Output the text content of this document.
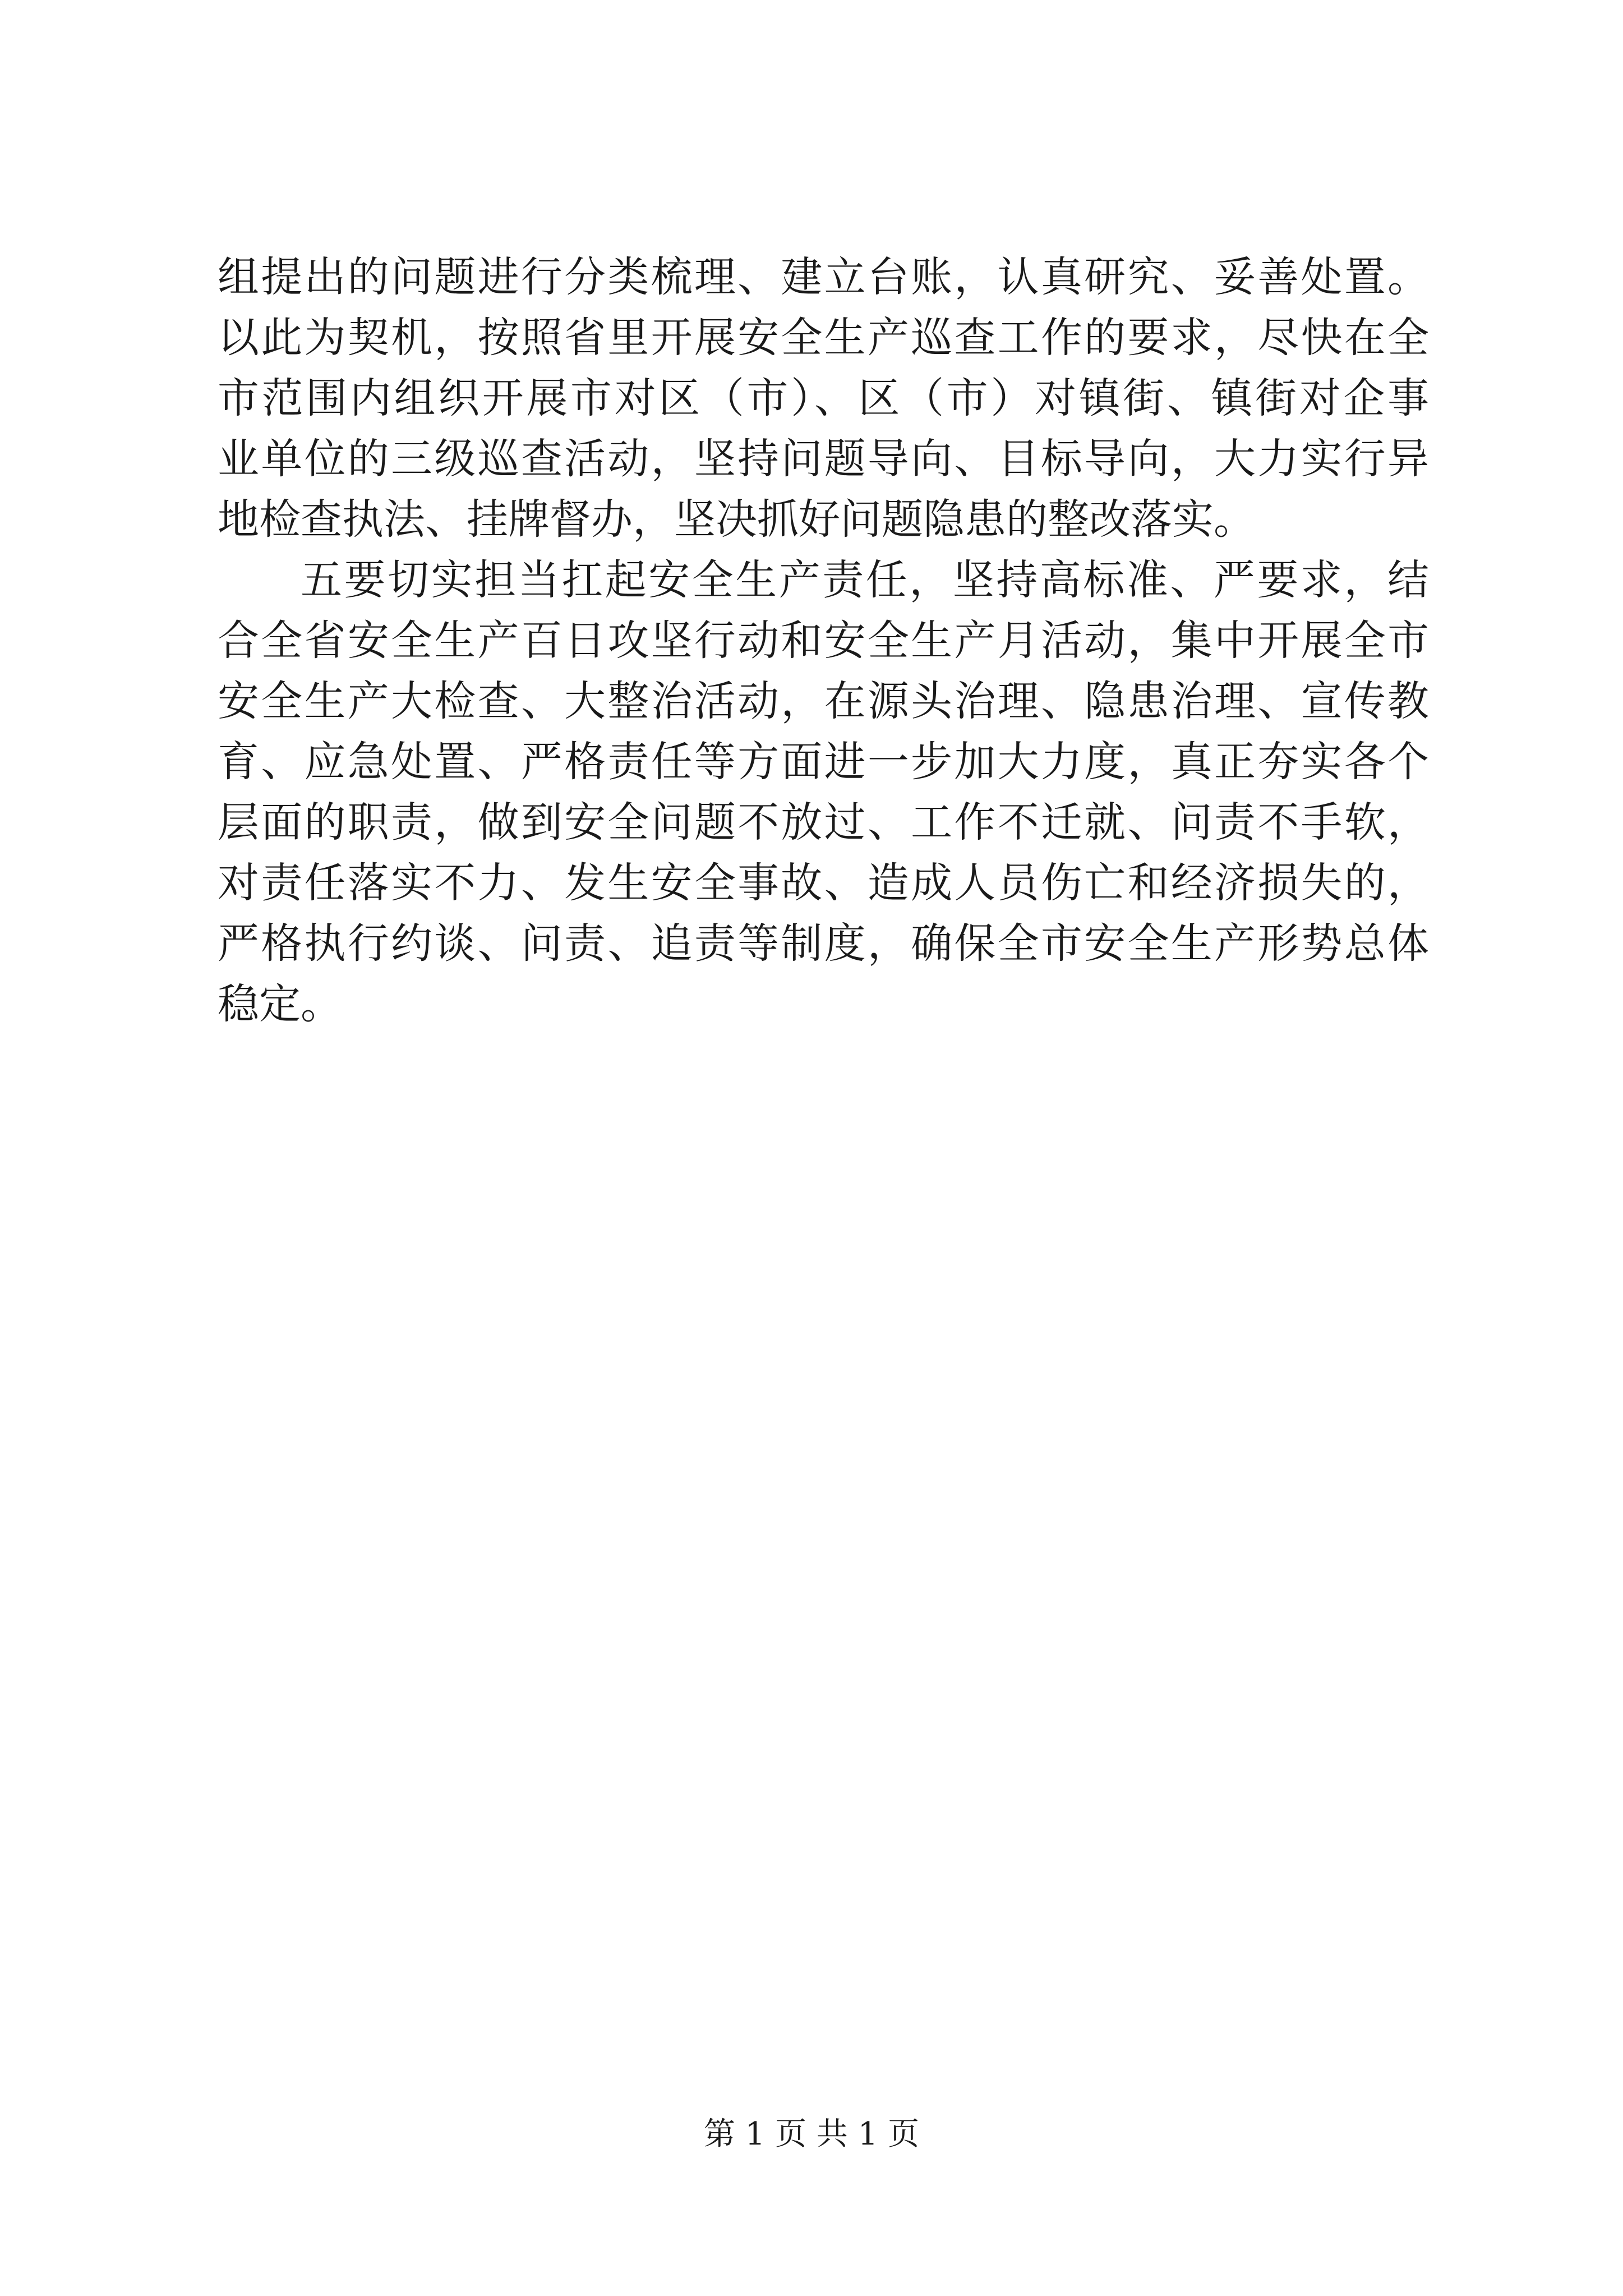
组提出的问题进行分类梳理、建立台账，认真研究、妥善处置。
以此为契机，按照省里开展安全生产巡查工作的要求，尽快在全
市范围内组织开展市对区（市）、区（市）对镇街、镇街对企事
业单位的三级巡查活动，坚持问题导向、目标导向，大力实行异
地检查执法、挂牌督办，坚决抓好问题隐患的整改落实。
五要切实担当扛起安全生产责任，坚持高标准、严要求，结
合全省安全生产百日攻坚行动和安全生产月活动，集中开展全市
安全生产大检查、大整治活动，在源头治理、隐患治理、宣传教
育、应急处置、严格责任等方面进一步加大力度，真正夯实各个
层面的职责，做到安全问题不放过、工作不迁就、问责不手软，
对责任落实不力、发生安全事故、造成人员伤亡和经济损失的，
严格执行约谈、问责、追责等制度，确保全市安全生产形势总体
稳定。
第 1 页 共 1 页
